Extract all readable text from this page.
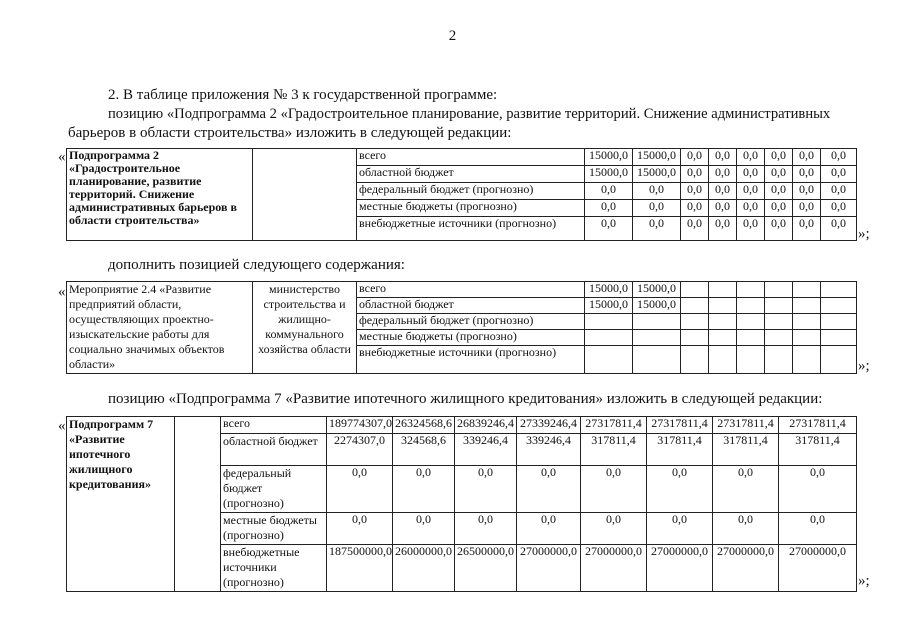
2
2. В таблице приложения № 3 к государственной программе:
позицию «Подпрограмма 2 «Градостроительное планирование, развитие территорий. Снижение административных
барьеров в области строительства» изложить в следующей редакции:
« Подпрограмма 2 «Градостроительное планирование, развитие территорий. Снижение административных барьеров в области строительства»		всего	15000,0	15000,0	0,0	0,0	0,0	0,0	0,0	0,0
		областной бюджет	15000,0	15000,0	0,0	0,0	0,0	0,0	0,0	0,0
		федеральный бюджет (прогнозно)	0,0	0,0	0,0	0,0	0,0	0,0	0,0	0,0
		местные бюджеты (прогнозно)	0,0	0,0	0,0	0,0	0,0	0,0	0,0	0,0
		внебюджетные источники (прогнозно)	0,0	0,0	0,0	0,0	0,0	0,0	0,0	0,0
»;
дополнить позицией следующего содержания:
« Мероприятие 2.4 «Развитие предприятий области, осуществляющих проектно-изыскательские работы для социально значимых объектов области»	министерство строительства и жилищно-коммунального хозяйства области	всего	15000,0	15000,0						
		областной бюджет	15000,0	15000,0						
		федеральный бюджет (прогнозно)								
		местные бюджеты (прогнозно)								
		внебюджетные источники (прогнозно)								
»;
позицию «Подпрограмма 7 «Развитие ипотечного жилищного кредитования» изложить в следующей редакции:
« Подпрограмм 7 «Развитие ипотечного жилищного кредитования»		всего	189774307,0	26324568,6	26839246,4	27339246,4	27317811,4	27317811,4	27317811,4	27317811,4
		областной бюджет	2274307,0	324568,6	339246,4	339246,4	317811,4	317811,4	317811,4	317811,4
		федеральный бюджет (прогнозно)	0,0	0,0	0,0	0,0	0,0	0,0	0,0	0,0
		местные бюджеты (прогнозно)	0,0	0,0	0,0	0,0	0,0	0,0	0,0	0,0
		внебюджетные источники (прогнозно)	187500000,0	26000000,0	26500000,0	27000000,0	27000000,0	27000000,0	27000000,0	27000000,0
»;
